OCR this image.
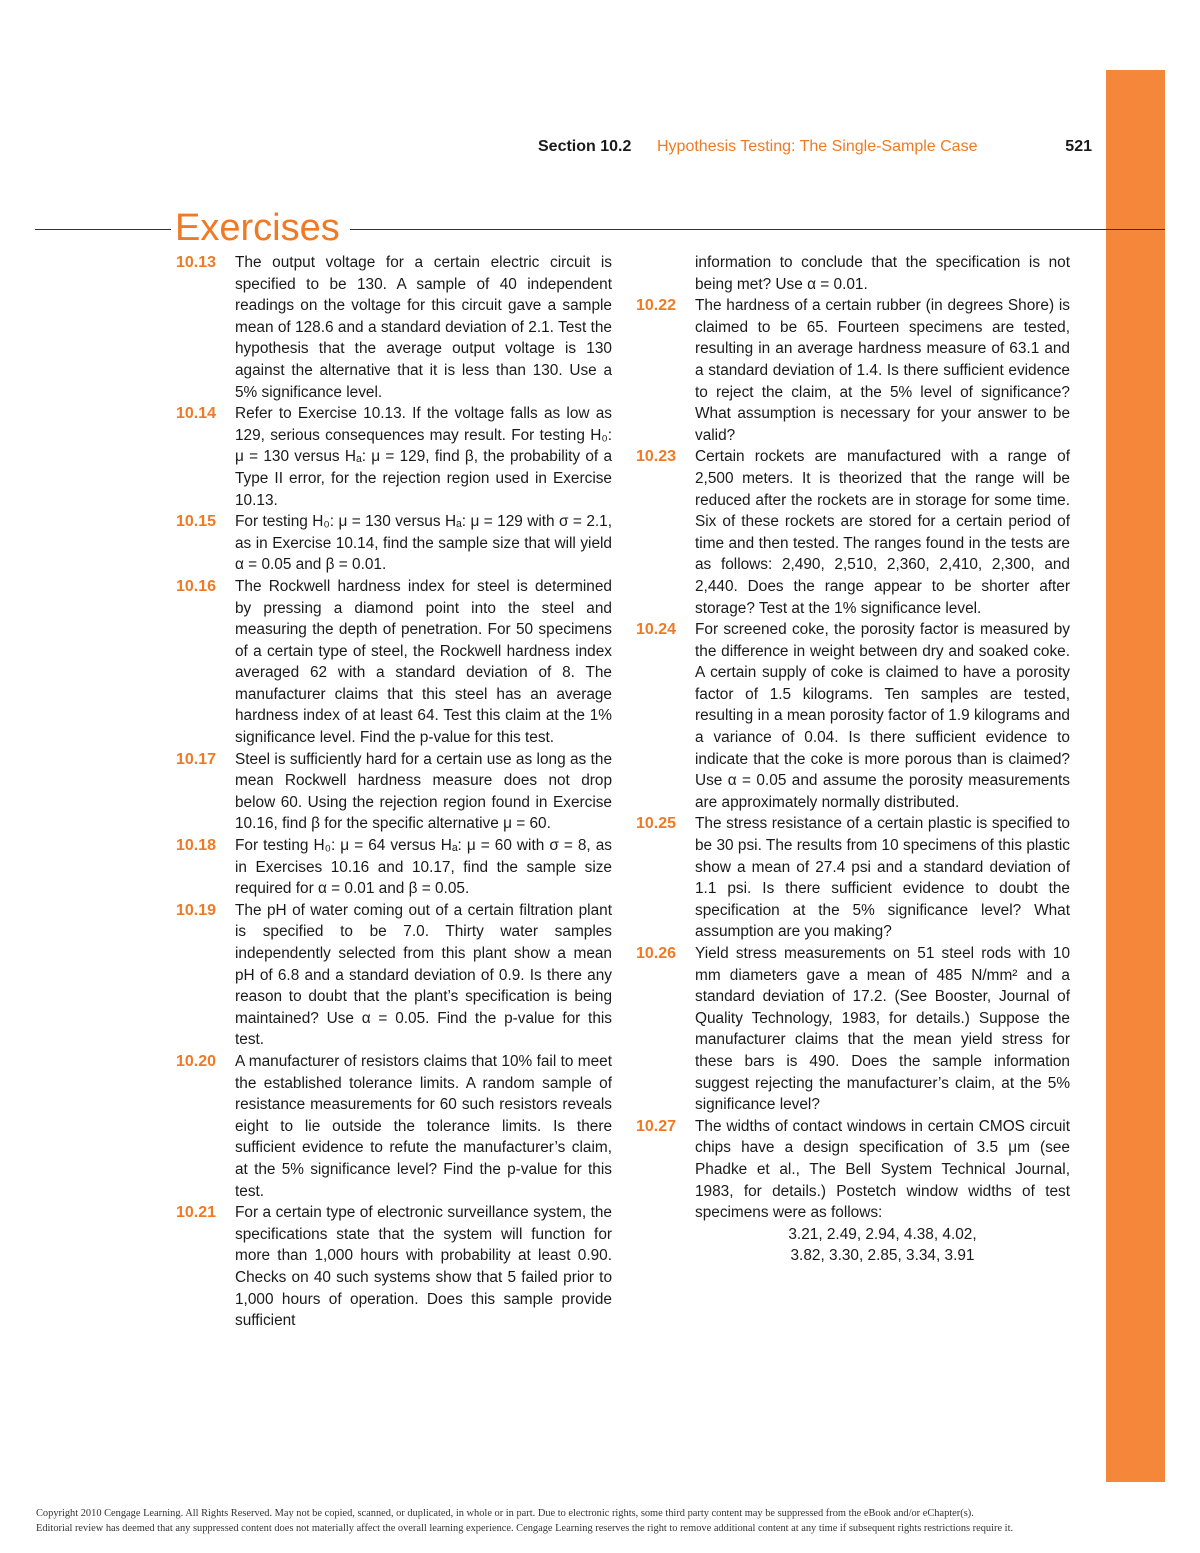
Section 10.2 Hypothesis Testing: The Single-Sample Case	521
Exercises
10.13 The output voltage for a certain electric circuit is specified to be 130. A sample of 40 independent readings on the voltage for this circuit gave a sample mean of 128.6 and a standard deviation of 2.1. Test the hypothesis that the average output voltage is 130 against the alternative that it is less than 130. Use a 5% significance level.
10.14 Refer to Exercise 10.13. If the voltage falls as low as 129, serious consequences may result. For testing H₀: μ = 130 versus Hₐ: μ = 129, find β, the probability of a Type II error, for the rejection region used in Exercise 10.13.
10.15 For testing H₀: μ = 130 versus Hₐ: μ = 129 with σ = 2.1, as in Exercise 10.14, find the sample size that will yield α = 0.05 and β = 0.01.
10.16 The Rockwell hardness index for steel is determined by pressing a diamond point into the steel and measuring the depth of penetration. For 50 specimens of a certain type of steel, the Rockwell hardness index averaged 62 with a standard deviation of 8. The manufacturer claims that this steel has an average hardness index of at least 64. Test this claim at the 1% significance level. Find the p-value for this test.
10.17 Steel is sufficiently hard for a certain use as long as the mean Rockwell hardness measure does not drop below 60. Using the rejection region found in Exercise 10.16, find β for the specific alternative μ = 60.
10.18 For testing H₀: μ = 64 versus Hₐ: μ = 60 with σ = 8, as in Exercises 10.16 and 10.17, find the sample size required for α = 0.01 and β = 0.05.
10.19 The pH of water coming out of a certain filtration plant is specified to be 7.0. Thirty water samples independently selected from this plant show a mean pH of 6.8 and a standard deviation of 0.9. Is there any reason to doubt that the plant’s specification is being maintained? Use α = 0.05. Find the p-value for this test.
10.20 A manufacturer of resistors claims that 10% fail to meet the established tolerance limits. A random sample of resistance measurements for 60 such resistors reveals eight to lie outside the tolerance limits. Is there sufficient evidence to refute the manufacturer’s claim, at the 5% significance level? Find the p-value for this test.
10.21 For a certain type of electronic surveillance system, the specifications state that the system will function for more than 1,000 hours with probability at least 0.90. Checks on 40 such systems show that 5 failed prior to 1,000 hours of operation. Does this sample provide sufficient
information to conclude that the specification is not being met? Use α = 0.01.
10.22 The hardness of a certain rubber (in degrees Shore) is claimed to be 65. Fourteen specimens are tested, resulting in an average hardness measure of 63.1 and a standard deviation of 1.4. Is there sufficient evidence to reject the claim, at the 5% level of significance? What assumption is necessary for your answer to be valid?
10.23 Certain rockets are manufactured with a range of 2,500 meters. It is theorized that the range will be reduced after the rockets are in storage for some time. Six of these rockets are stored for a certain period of time and then tested. The ranges found in the tests are as follows: 2,490, 2,510, 2,360, 2,410, 2,300, and 2,440. Does the range appear to be shorter after storage? Test at the 1% significance level.
10.24 For screened coke, the porosity factor is measured by the difference in weight between dry and soaked coke. A certain supply of coke is claimed to have a porosity factor of 1.5 kilograms. Ten samples are tested, resulting in a mean porosity factor of 1.9 kilograms and a variance of 0.04. Is there sufficient evidence to indicate that the coke is more porous than is claimed? Use α = 0.05 and assume the porosity measurements are approximately normally distributed.
10.25 The stress resistance of a certain plastic is specified to be 30 psi. The results from 10 specimens of this plastic show a mean of 27.4 psi and a standard deviation of 1.1 psi. Is there sufficient evidence to doubt the specification at the 5% significance level? What assumption are you making?
10.26 Yield stress measurements on 51 steel rods with 10 mm diameters gave a mean of 485 N/mm² and a standard deviation of 17.2. (See Booster, Journal of Quality Technology, 1983, for details.) Suppose the manufacturer claims that the mean yield stress for these bars is 490. Does the sample information suggest rejecting the manufacturer’s claim, at the 5% significance level?
10.27 The widths of contact windows in certain CMOS circuit chips have a design specification of 3.5 μm (see Phadke et al., The Bell System Technical Journal, 1983, for details.) Postetch window widths of test specimens were as follows:
3.21, 2.49, 2.94, 4.38, 4.02,
3.82, 3.30, 2.85, 3.34, 3.91
Copyright 2010 Cengage Learning. All Rights Reserved. May not be copied, scanned, or duplicated, in whole or in part. Due to electronic rights, some third party content may be suppressed from the eBook and/or eChapter(s).
Editorial review has deemed that any suppressed content does not materially affect the overall learning experience. Cengage Learning reserves the right to remove additional content at any time if subsequent rights restrictions require it.
